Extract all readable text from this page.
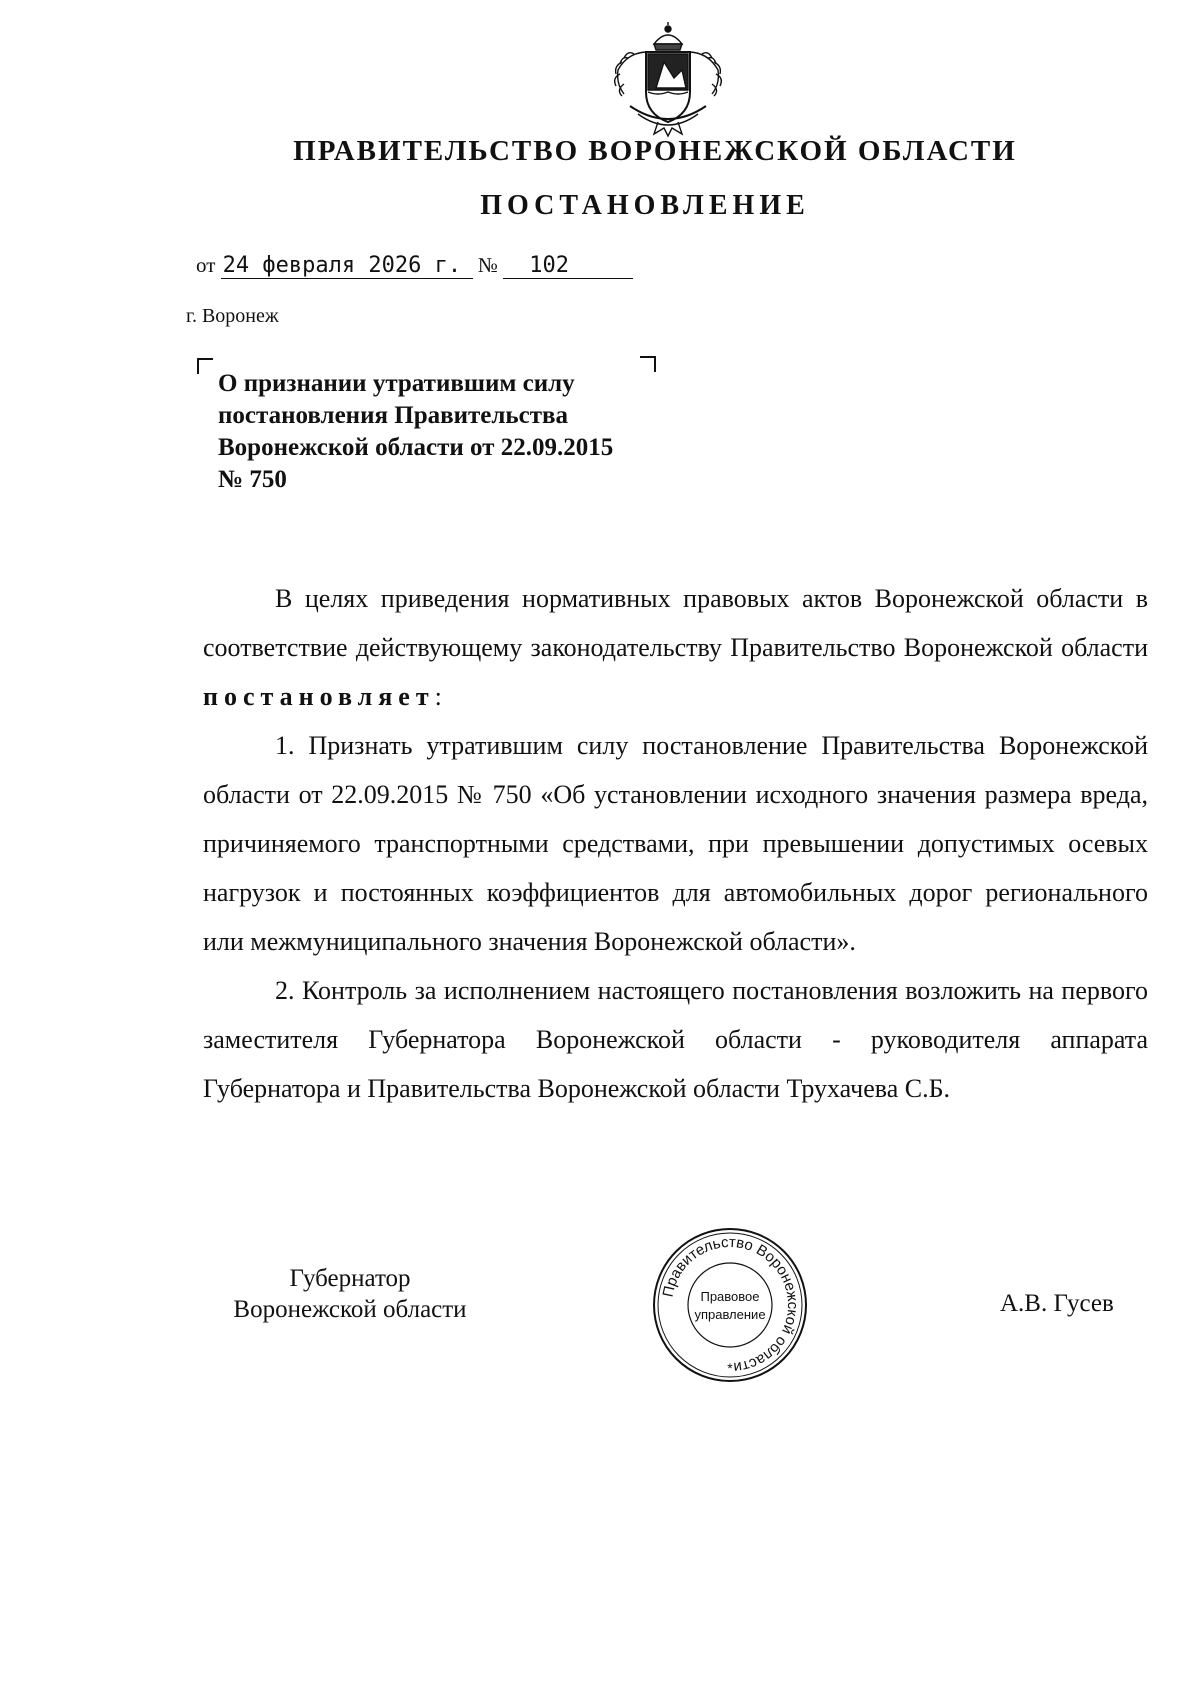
ПРАВИТЕЛЬСТВО ВОРОНЕЖСКОЙ ОБЛАСТИ
ПОСТАНОВЛЕНИЕ
от 24 февраля 2026 г. № 102
г. Воронеж
О признании утратившим силу постановления Правительства Воронежской области от 22.09.2015 № 750

В целях приведения нормативных правовых актов Воронежской области в соответствие действующему законодательству Правительство Воронежской области постановляет:

1. Признать утратившим силу постановление Правительства Воронежской области от 22.09.2015 № 750 «Об установлении исходного значения размера вреда, причиняемого транспортными средствами, при превышении допустимых осевых нагрузок и постоянных коэффициентов для автомобильных дорог регионального или межмуниципального значения Воронежской области».

2. Контроль за исполнением настоящего постановления возложить на первого заместителя Губернатора Воронежской области - руководителя аппарата Губернатора и Правительства Воронежской области Трухачева С.Б.

Губернатор
Воронежской области
Правительство Воронежской области
Правовое
управление
*
А.В. Гусев
